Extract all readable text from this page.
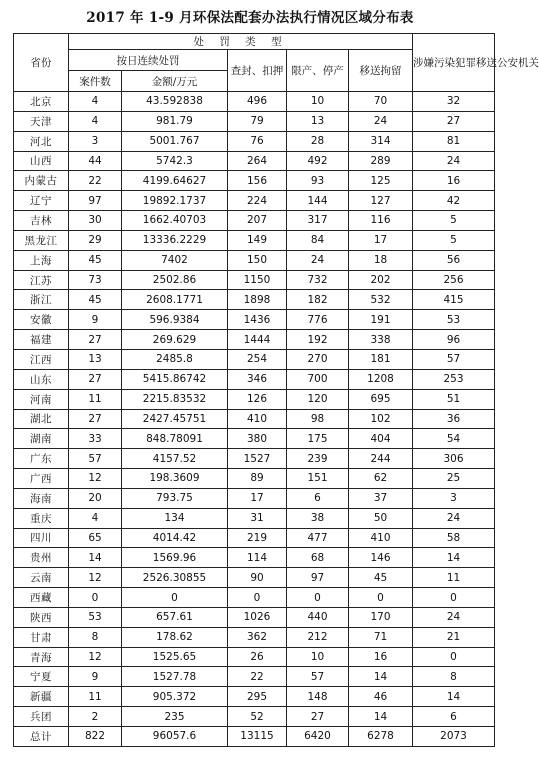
2017 年 1-9 月环保法配套办法执行情况区域分布表
省份	处 罚 类 型					涉嫌污染犯罪移送公安机关
	按日连续处罚		查封、扣押	限产、停产	移送拘留	
	案件数	金额/万元				
北京	4	43.592838	496	10	70	32
天津	4	981.79	79	13	24	27
河北	3	5001.767	76	28	314	81
山西	44	5742.3	264	492	289	24
内蒙古	22	4199.64627	156	93	125	16
辽宁	97	19892.1737	224	144	127	42
吉林	30	1662.40703	207	317	116	5
黑龙江	29	13336.2229	149	84	17	5
上海	45	7402	150	24	18	56
江苏	73	2502.86	1150	732	202	256
浙江	45	2608.1771	1898	182	532	415
安徽	9	596.9384	1436	776	191	53
福建	27	269.629	1444	192	338	96
江西	13	2485.8	254	270	181	57
山东	27	5415.86742	346	700	1208	253
河南	11	2215.83532	126	120	695	51
湖北	27	2427.45751	410	98	102	36
湖南	33	848.78091	380	175	404	54
广东	57	4157.52	1527	239	244	306
广西	12	198.3609	89	151	62	25
海南	20	793.75	17	6	37	3
重庆	4	134	31	38	50	24
四川	65	4014.42	219	477	410	58
贵州	14	1569.96	114	68	146	14
云南	12	2526.30855	90	97	45	11
西藏	0	0	0	0	0	0
陕西	53	657.61	1026	440	170	24
甘肃	8	178.62	362	212	71	21
青海	12	1525.65	26	10	16	0
宁夏	9	1527.78	22	57	14	8
新疆	11	905.372	295	148	46	14
兵团	2	235	52	27	14	6
总计	822	96057.6	13115	6420	6278	2073
